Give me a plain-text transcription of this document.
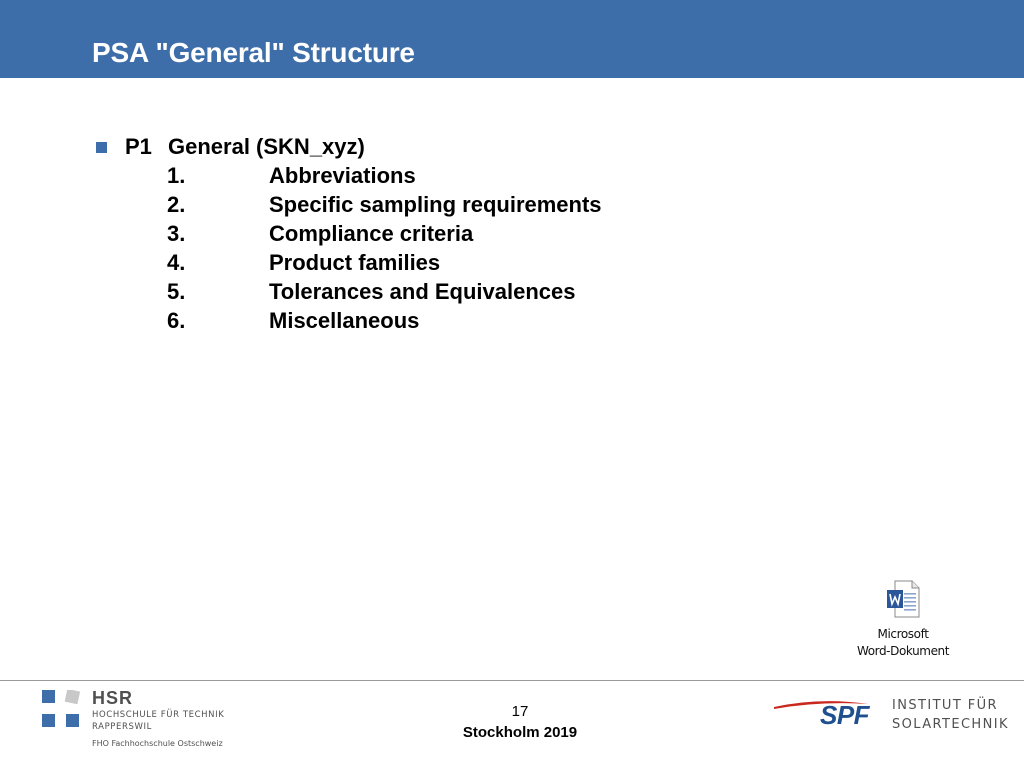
PSA "General" Structure
P1 General (SKN_xyz)
1.	Abbreviations
2.	Specific sampling requirements
3.	Compliance criteria
4.	Product families
5.	Tolerances and Equivalences
6.	Miscellaneous
Microsoft
Word-Dokument
HSR
HOCHSCHULE FÜR TECHNIK
RAPPERSWIL
FHO Fachhochschule Ostschweiz
17
Stockholm 2019
SPF INSTITUT FÜR
SOLARTECHNIK
